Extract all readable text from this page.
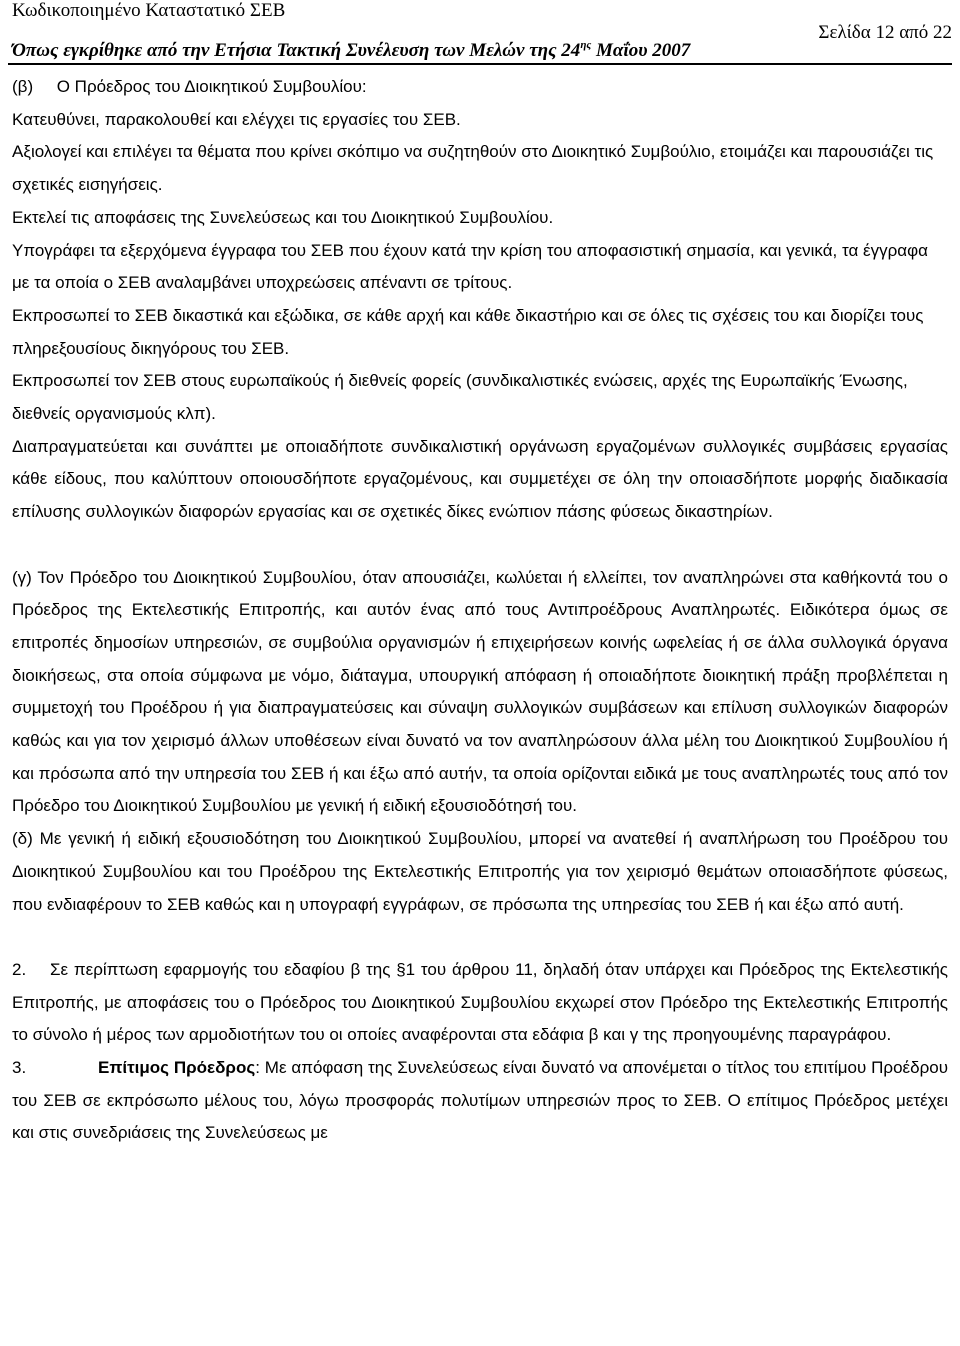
Κωδικοποιημένο Καταστατικό ΣΕΒ
Όπως εγκρίθηκε από την Ετήσια Τακτική Συνέλευση των Μελών της $24^{\eta\varsigma}$ Μαΐου 2007
Σελίδα 12 από 22

(β)     Ο Πρόεδρος του Διοικητικού Συμβουλίου:

Κατευθύνει, παρακολουθεί και ελέγχει τις εργασίες του ΣΕΒ.

Αξιολογεί και επιλέγει τα θέματα που κρίνει σκόπιμο να συζητηθούν στο Διοικητικό Συμβούλιο, ετοιμάζει και παρουσιάζει τις σχετικές εισηγήσεις.

Εκτελεί τις αποφάσεις της Συνελεύσεως και του Διοικητικού Συμβουλίου.

Υπογράφει τα εξερχόμενα έγγραφα του ΣΕΒ που έχουν κατά την κρίση του αποφασιστική σημασία, και γενικά, τα έγγραφα με τα οποία ο ΣΕΒ αναλαμβάνει υποχρεώσεις απέναντι σε τρίτους.

Εκπροσωπεί το ΣΕΒ δικαστικά και εξώδικα, σε κάθε αρχή και κάθε δικαστήριο και σε όλες τις σχέσεις του και διορίζει τους πληρεξουσίους δικηγόρους του ΣΕΒ.

Εκπροσωπεί τον ΣΕΒ στους ευρωπαϊκούς ή διεθνείς φορείς (συνδικαλιστικές ενώσεις, αρχές της Ευρωπαϊκής Ένωσης, διεθνείς οργανισμούς κλπ).

Διαπραγματεύεται και συνάπτει με οποιαδήποτε συνδικαλιστική οργάνωση εργαζομένων συλλογικές συμβάσεις εργασίας κάθε είδους, που καλύπτουν οποιουσδήποτε εργαζομένους, και συμμετέχει σε όλη την οποιασδήποτε μορφής διαδικασία επίλυσης συλλογικών διαφορών εργασίας και σε σχετικές δίκες ενώπιον πάσης φύσεως δικαστηρίων.

(γ) Τον Πρόεδρο του Διοικητικού Συμβουλίου, όταν απουσιάζει, κωλύεται ή ελλείπει, τον αναπληρώνει στα καθήκοντά του ο Πρόεδρος της Εκτελεστικής Επιτροπής, και αυτόν ένας από τους Αντιπροέδρους Αναπληρωτές. Ειδικότερα όμως σε επιτροπές δημοσίων υπηρεσιών, σε συμβούλια οργανισμών ή επιχειρήσεων κοινής ωφελείας ή σε άλλα συλλογικά όργανα διοικήσεως, στα οποία σύμφωνα με νόμο, διάταγμα, υπουργική απόφαση ή οποιαδήποτε διοικητική πράξη προβλέπεται η συμμετοχή του Προέδρου ή για διαπραγματεύσεις και σύναψη συλλογικών συμβάσεων και επίλυση συλλογικών διαφορών καθώς και για τον χειρισμό άλλων υποθέσεων είναι δυνατό να τον αναπληρώσουν άλλα μέλη του Διοικητικού Συμβουλίου ή και πρόσωπα από την υπηρεσία του ΣΕΒ ή και έξω από αυτήν, τα οποία ορίζονται ειδικά με τους αναπληρωτές τους από τον Πρόεδρο του Διοικητικού Συμβουλίου με γενική ή ειδική εξουσιοδότησή του.

(δ) Με γενική ή ειδική εξουσιοδότηση του Διοικητικού Συμβουλίου, μπορεί να ανατεθεί ή αναπλήρωση του Προέδρου του Διοικητικού Συμβουλίου και του Προέδρου της Εκτελεστικής Επιτροπής για τον χειρισμό θεμάτων οποιασδήποτε φύσεως, που ενδιαφέρουν το ΣΕΒ καθώς και η υπογραφή εγγράφων, σε πρόσωπα της υπηρεσίας του ΣΕΒ ή και έξω από αυτή.

2. Σε περίπτωση εφαρμογής του εδαφίου β της §1 του άρθρου 11, δηλαδή όταν υπάρχει και Πρόεδρος της Εκτελεστικής Επιτροπής, με αποφάσεις του ο Πρόεδρος του Διοικητικού Συμβουλίου εκχωρεί στον Πρόεδρο της Εκτελεστικής Επιτροπής το σύνολο ή μέρος των αρμοδιοτήτων του οι οποίες αναφέρονται στα εδάφια β και γ της προηγουμένης παραγράφου.

3.	Επίτιμος Πρόεδρος: Με απόφαση της Συνελεύσεως είναι δυνατό να απονέμεται ο τίτλος του επιτίμου Προέδρου του ΣΕΒ σε εκπρόσωπο μέλους του, λόγω προσφοράς πολυτίμων υπηρεσιών προς το ΣΕΒ. Ο επίτιμος Πρόεδρος μετέχει και στις συνεδριάσεις της Συνελεύσεως με
